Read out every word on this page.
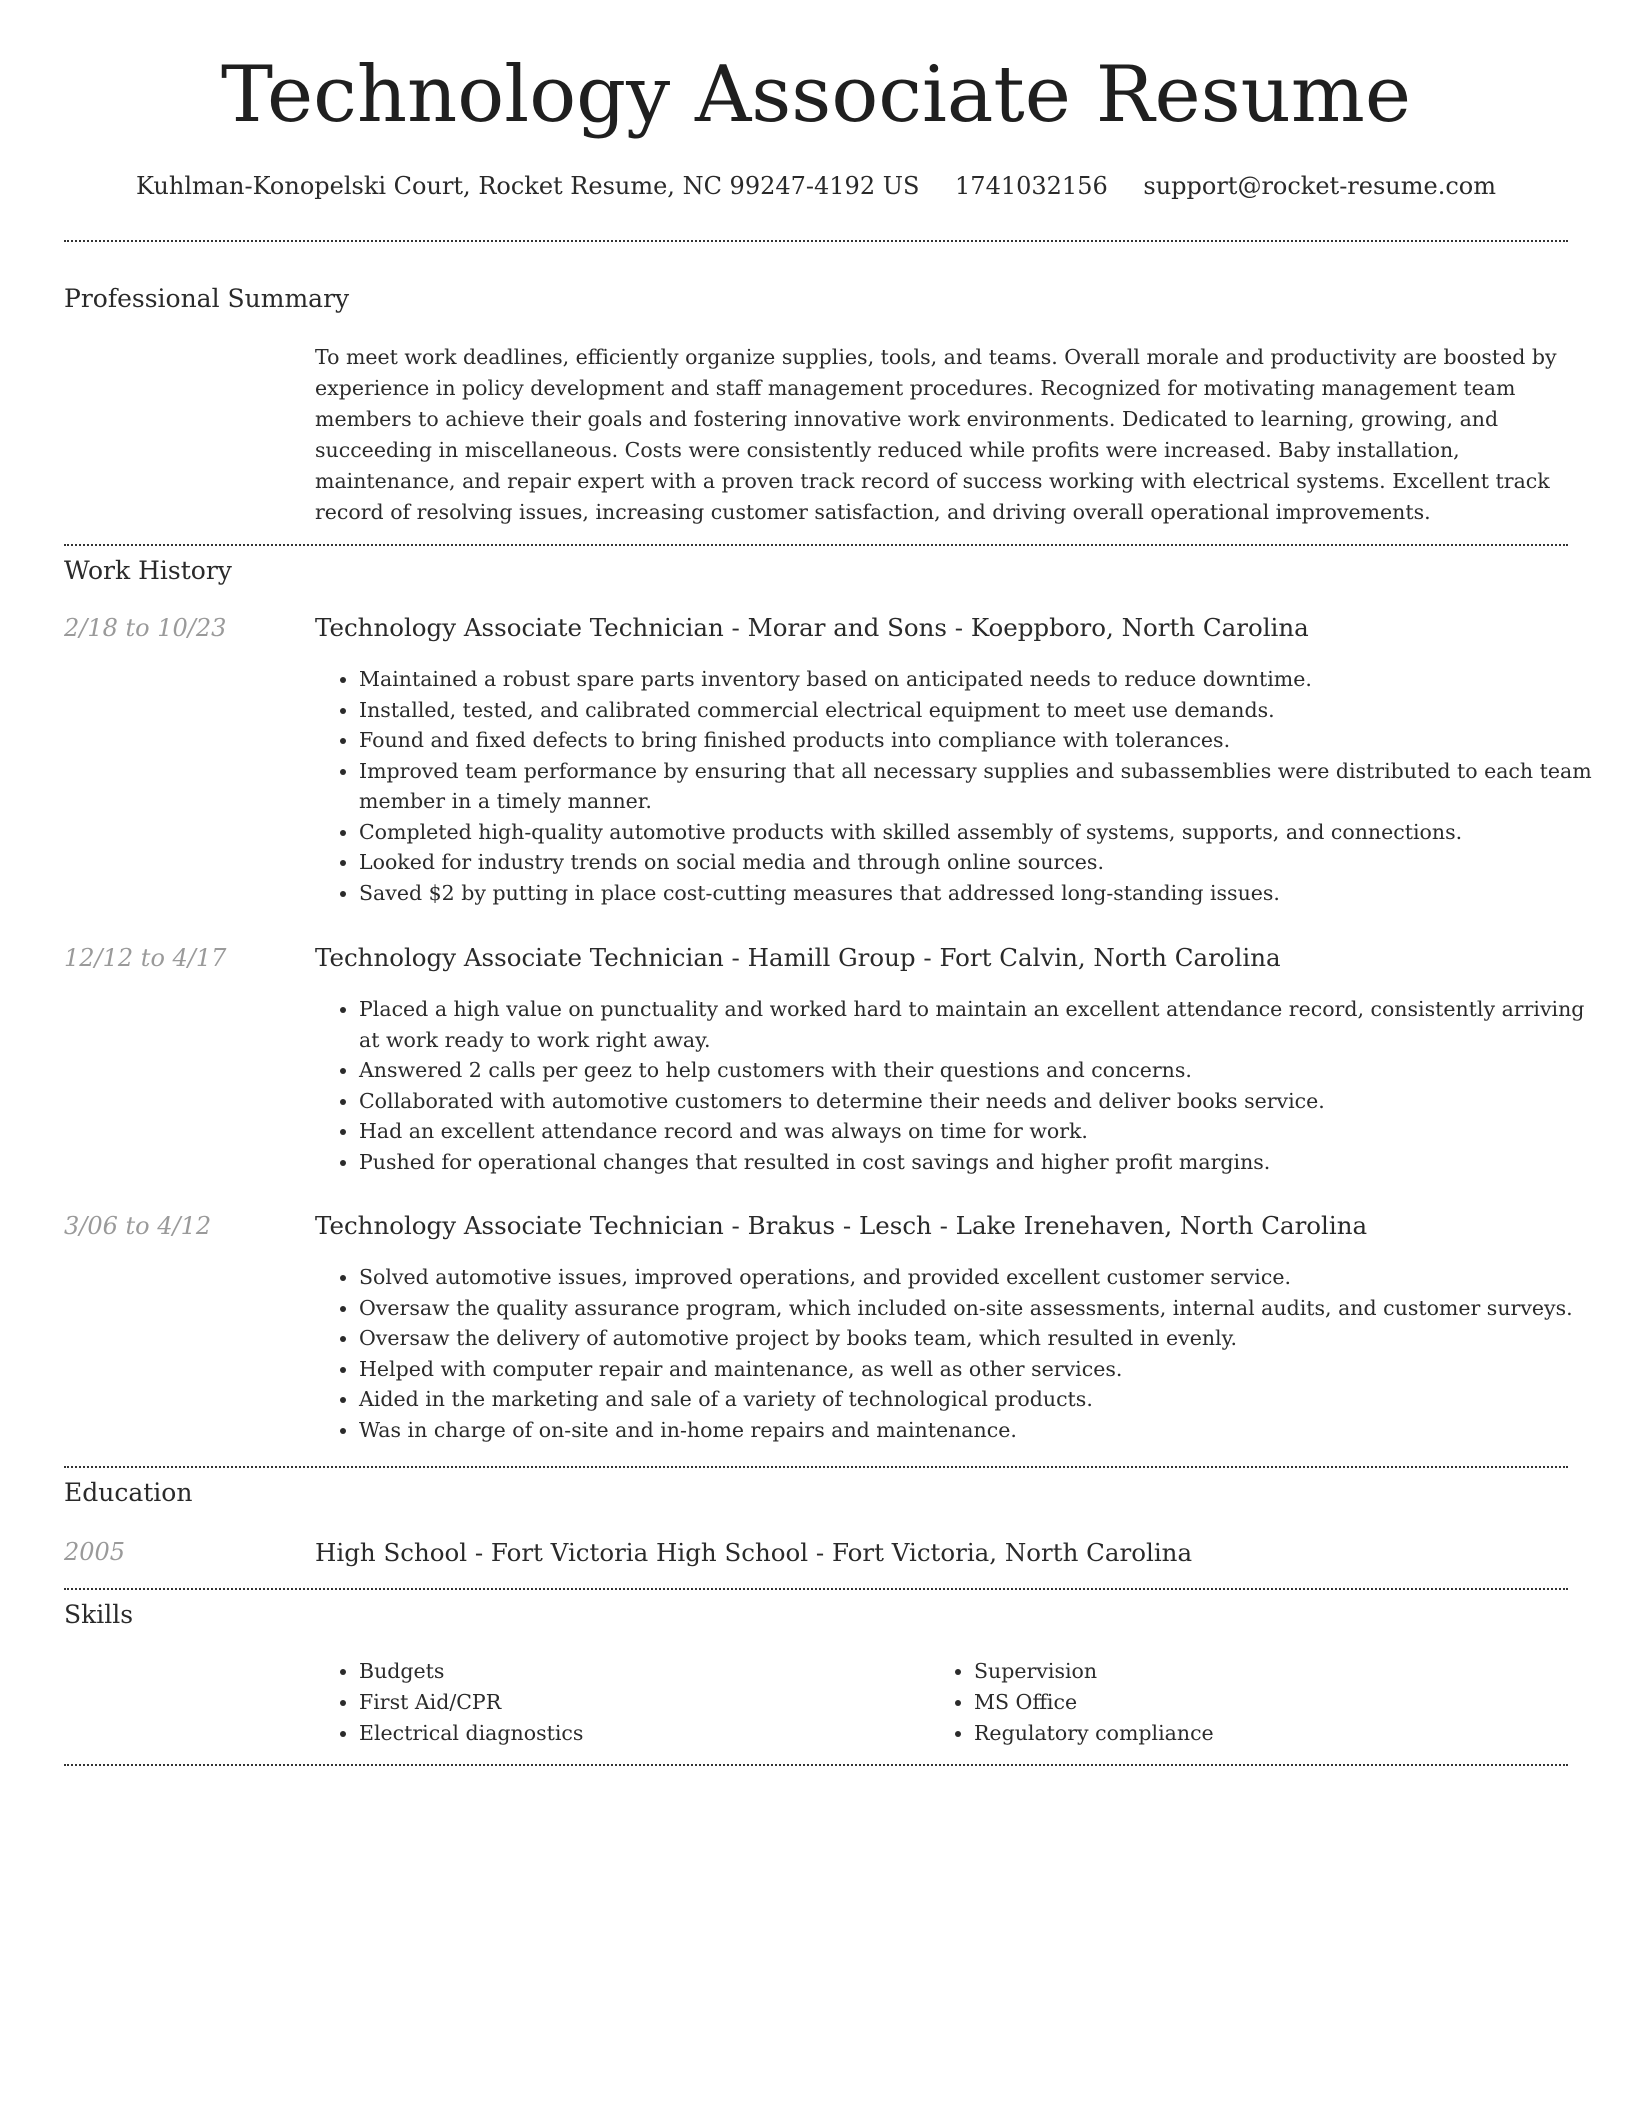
Technology Associate Resume
Kuhlman-Konopelski Court, Rocket Resume, NC 99247-4192 US 1741032156 support@rocket-resume.com
Professional Summary

To meet work deadlines, efficiently organize supplies, tools, and teams. Overall morale and productivity are boosted by experience in policy development and staff management procedures. Recognized for motivating management team members to achieve their goals and fostering innovative work environments. Dedicated to learning, growing, and succeeding in miscellaneous. Costs were consistently reduced while profits were increased. Baby installation, maintenance, and repair expert with a proven track record of success working with electrical systems. Excellent track record of resolving issues, increasing customer satisfaction, and driving overall operational improvements.

Work History
2/18 to 10/23	Technology Associate Technician - Morar and Sons - Koeppboro, North Carolina
• Maintained a robust spare parts inventory based on anticipated needs to reduce downtime.
• Installed, tested, and calibrated commercial electrical equipment to meet use demands.
• Found and fixed defects to bring finished products into compliance with tolerances.
• Improved team performance by ensuring that all necessary supplies and subassemblies were distributed to each team member in a timely manner.
• Completed high-quality automotive products with skilled assembly of systems, supports, and connections.
• Looked for industry trends on social media and through online sources.
• Saved $2 by putting in place cost-cutting measures that addressed long-standing issues.
12/12 to 4/17	Technology Associate Technician - Hamill Group - Fort Calvin, North Carolina
• Placed a high value on punctuality and worked hard to maintain an excellent attendance record, consistently arriving at work ready to work right away.
• Answered 2 calls per geez to help customers with their questions and concerns.
• Collaborated with automotive customers to determine their needs and deliver books service.
• Had an excellent attendance record and was always on time for work.
• Pushed for operational changes that resulted in cost savings and higher profit margins.
3/06 to 4/12	Technology Associate Technician - Brakus - Lesch - Lake Irenehaven, North Carolina
• Solved automotive issues, improved operations, and provided excellent customer service.
• Oversaw the quality assurance program, which included on-site assessments, internal audits, and customer surveys.
• Oversaw the delivery of automotive project by books team, which resulted in evenly.
• Helped with computer repair and maintenance, as well as other services.
• Aided in the marketing and sale of a variety of technological products.
• Was in charge of on-site and in-home repairs and maintenance.
Education
2005	High School - Fort Victoria High School - Fort Victoria, North Carolina
Skills
• Budgets
• First Aid/CPR
• Electrical diagnostics
• Supervision
• MS Office
• Regulatory compliance
